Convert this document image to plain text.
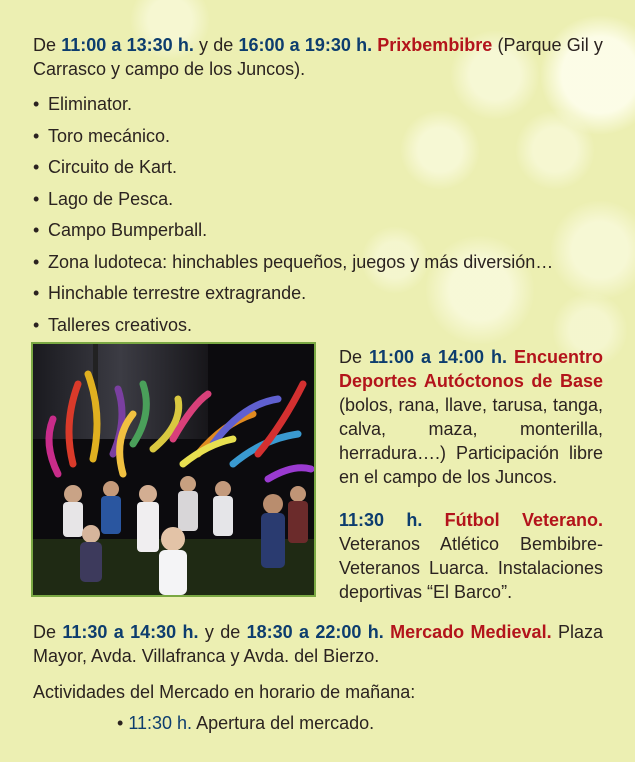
De 11:00 a 13:30 h. y de 16:00 a 19:30 h. Prixbembibre (Parque Gil y Carrasco y campo de los Juncos).
• Eliminator.
• Toro mecánico.
• Circuito de Kart.
• Lago de Pesca.
• Campo Bumperball.
• Zona ludoteca: hinchables pequeños, juegos y más diversión…
• Hinchable terrestre extragrande.
• Talleres creativos.
De 11:00 a 14:00 h. Encuentro Deportes Autóctonos de Base (bolos, rana, llave, tarusa, tanga, calva, maza, monterilla, herradura….) Participación libre en el campo de los Juncos.
11:30 h. Fútbol Veterano. Veteranos Atlético Bembibre-Veteranos Luarca. Instalaciones deportivas “El Barco”.
De 11:30 a 14:30 h. y de 18:30 a 22:00 h. Mercado Medieval. Plaza Mayor, Avda. Villafranca y Avda. del Bierzo.
Actividades del Mercado en horario de mañana:
• 11:30 h. Apertura del mercado.
